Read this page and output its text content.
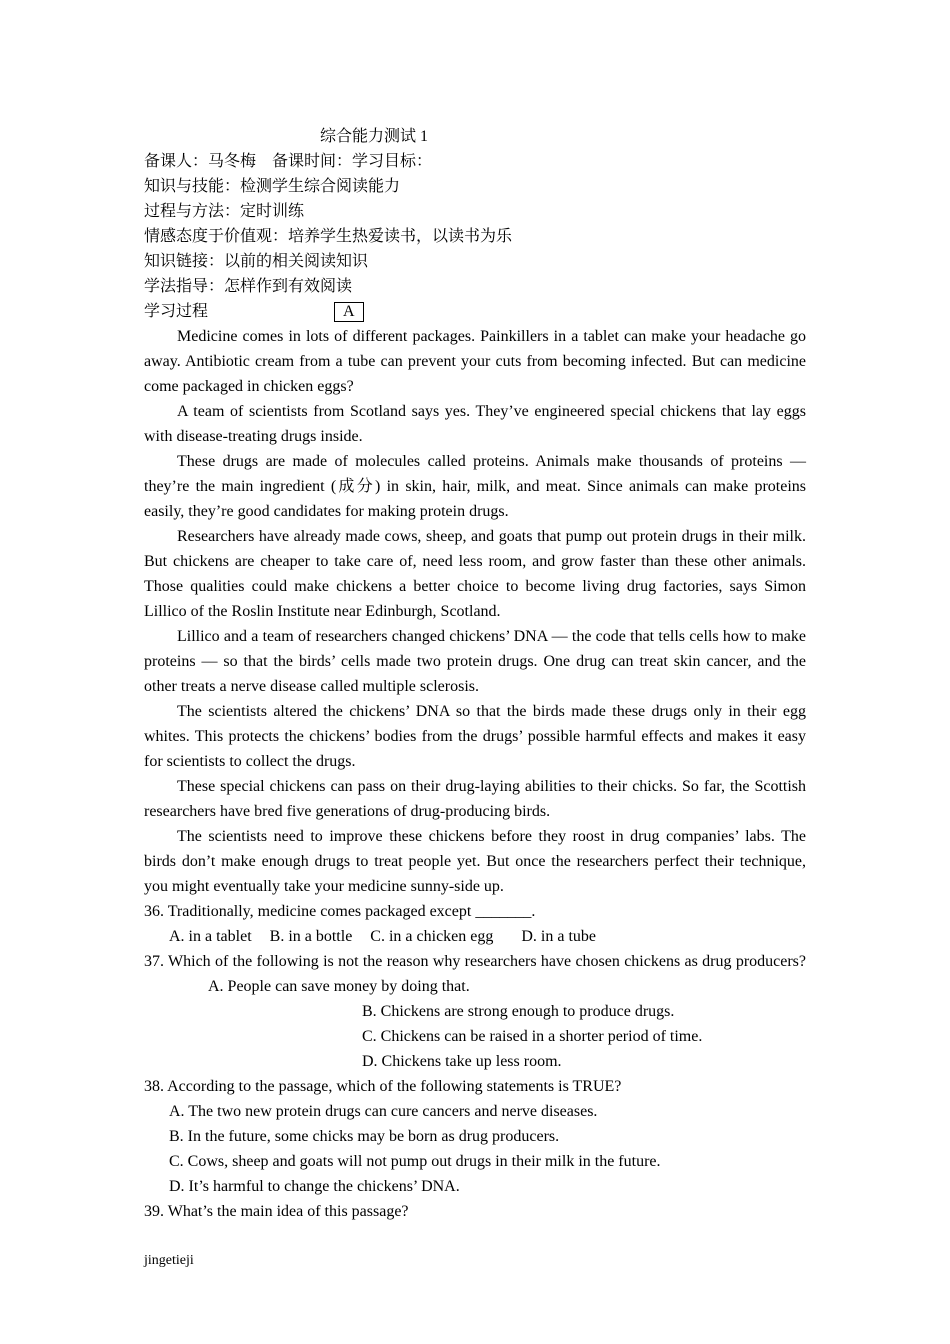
综合能力测试 1
备课人：马冬梅　备课时间：学习目标：
知识与技能：检测学生综合阅读能力
过程与方法：定时训练
情感态度于价值观：培养学生热爱读书，以读书为乐
知识链接：以前的相关阅读知识
学法指导：怎样作到有效阅读
学习过程	A
Medicine comes in lots of different packages. Painkillers in a tablet can make your headache go away. Antibiotic cream from a tube can prevent your cuts from becoming infected. But can medicine come packaged in chicken eggs?
A team of scientists from Scotland says yes. They’ve engineered special chickens that lay eggs with disease-treating drugs inside.
These drugs are made of molecules called proteins. Animals make thousands of proteins — they’re the main ingredient (成分) in skin, hair, milk, and meat. Since animals can make proteins easily, they’re good candidates for making protein drugs.
Researchers have already made cows, sheep, and goats that pump out protein drugs in their milk. But chickens are cheaper to take care of, need less room, and grow faster than these other animals. Those qualities could make chickens a better choice to become living drug factories, says Simon Lillico of the Roslin Institute near Edinburgh, Scotland.
Lillico and a team of researchers changed chickens’ DNA — the code that tells cells how to make proteins — so that the birds’ cells made two protein drugs. One drug can treat skin cancer, and the other treats a nerve disease called multiple sclerosis.
The scientists altered the chickens’ DNA so that the birds made these drugs only in their egg whites. This protects the chickens’ bodies from the drugs’ possible harmful effects and makes it easy for scientists to collect the drugs.
These special chickens can pass on their drug-laying abilities to their chicks. So far, the Scottish researchers have bred five generations of drug-producing birds.
The scientists need to improve these chickens before they roost in drug companies’ labs. The birds don’t make enough drugs to treat people yet. But once the researchers perfect their technique, you might eventually take your medicine sunny-side up.
36. Traditionally, medicine comes packaged except _______.
A. in a tablet B. in a bottle C. in a chicken egg D. in a tube
37. Which of the following is not the reason why researchers have chosen chickens as drug producers? A. People can save money by doing that.
B. Chickens are strong enough to produce drugs.
C. Chickens can be raised in a shorter period of time.
D. Chickens take up less room.
38. According to the passage, which of the following statements is TRUE?
A. The two new protein drugs can cure cancers and nerve diseases.
B. In the future, some chicks may be born as drug producers.
C. Cows, sheep and goats will not pump out drugs in their milk in the future.
D. It’s harmful to change the chickens’ DNA.
39. What’s the main idea of this passage?
jingetieji
